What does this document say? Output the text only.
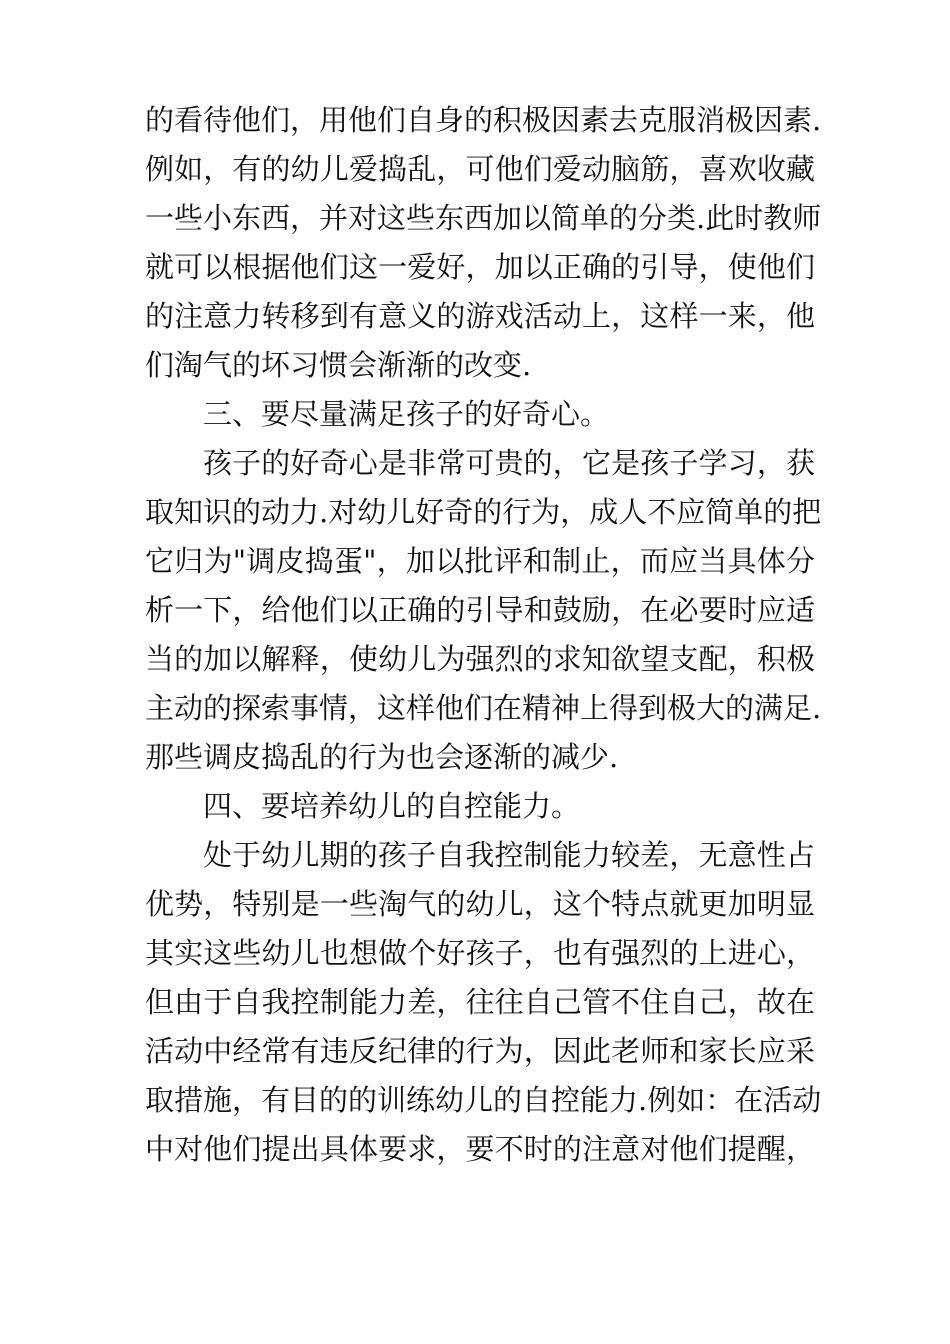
的看待他们，用他们自身的积极因素去克服消极因素.
例如，有的幼儿爱捣乱，可他们爱动脑筋，喜欢收藏
一些小东西，并对这些东西加以简单的分类.此时教师
就可以根据他们这一爱好，加以正确的引导，使他们
的注意力转移到有意义的游戏活动上，这样一来，他
们淘气的坏习惯会渐渐的改变.
三、要尽量满足孩子的好奇心。
孩子的好奇心是非常可贵的，它是孩子学习，获
取知识的动力.对幼儿好奇的行为，成人不应简单的把
它归为"调皮捣蛋"，加以批评和制止，而应当具体分
析一下，给他们以正确的引导和鼓励，在必要时应适
当的加以解释，使幼儿为强烈的求知欲望支配，积极
主动的探索事情，这样他们在精神上得到极大的满足.
那些调皮捣乱的行为也会逐渐的减少.
四、要培养幼儿的自控能力。
处于幼儿期的孩子自我控制能力较差，无意性占
优势，特别是一些淘气的幼儿，这个特点就更加明显
其实这些幼儿也想做个好孩子，也有强烈的上进心，
但由于自我控制能力差，往往自己管不住自己，故在
活动中经常有违反纪律的行为，因此老师和家长应采
取措施，有目的的训练幼儿的自控能力.例如：在活动
中对他们提出具体要求，要不时的注意对他们提醒，
